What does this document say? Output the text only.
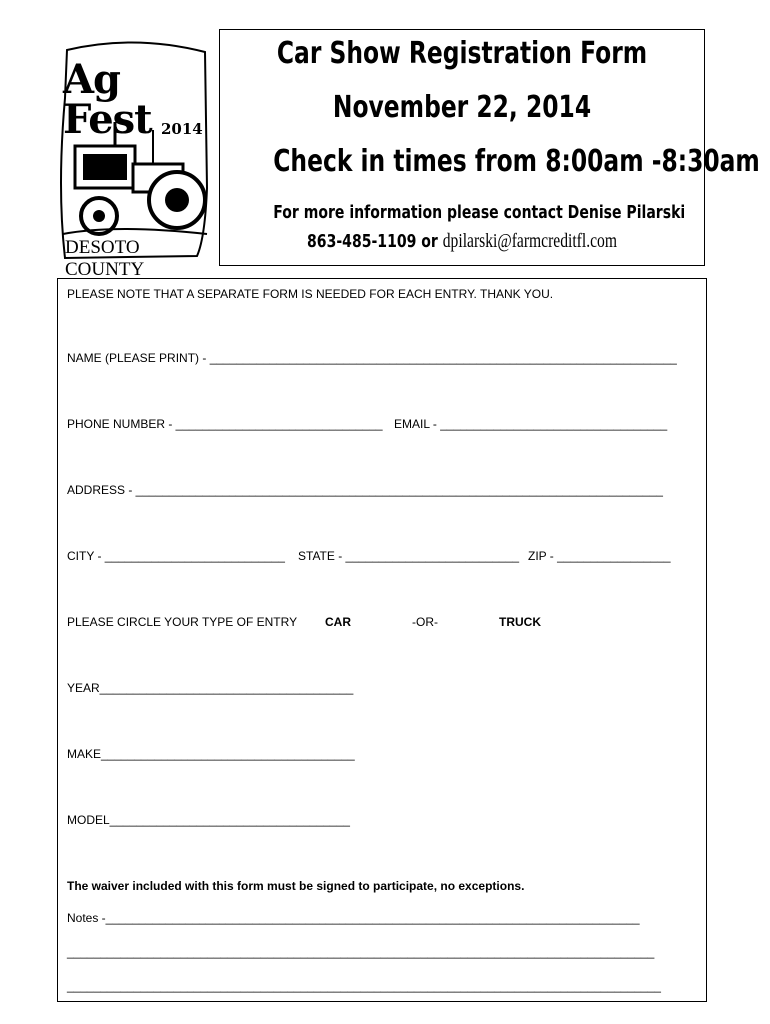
Ag Fest 2014
DESOTO COUNTY
Car Show Registration Form
November 22, 2014
Check in times from 8:00am -8:30am
For more information please contact Denise Pilarski
863-485-1109 or dpilarski@farmcreditfl.com
PLEASE NOTE THAT A SEPARATE FORM IS NEEDED FOR EACH ENTRY. THANK YOU.
NAME (PLEASE PRINT) - ______________________________________________________________________
PHONE NUMBER - _______________________________ EMAIL - __________________________________
ADDRESS - _______________________________________________________________________________
CITY - ___________________________ STATE - __________________________ ZIP - _________________
PLEASE CIRCLE YOUR TYPE OF ENTRY CAR	-OR-	TRUCK
YEAR______________________________________
MAKE______________________________________
MODEL____________________________________
The waiver included with this form must be signed to participate, no exceptions.
Notes -________________________________________________________________________________
________________________________________________________________________________________
_________________________________________________________________________________________
